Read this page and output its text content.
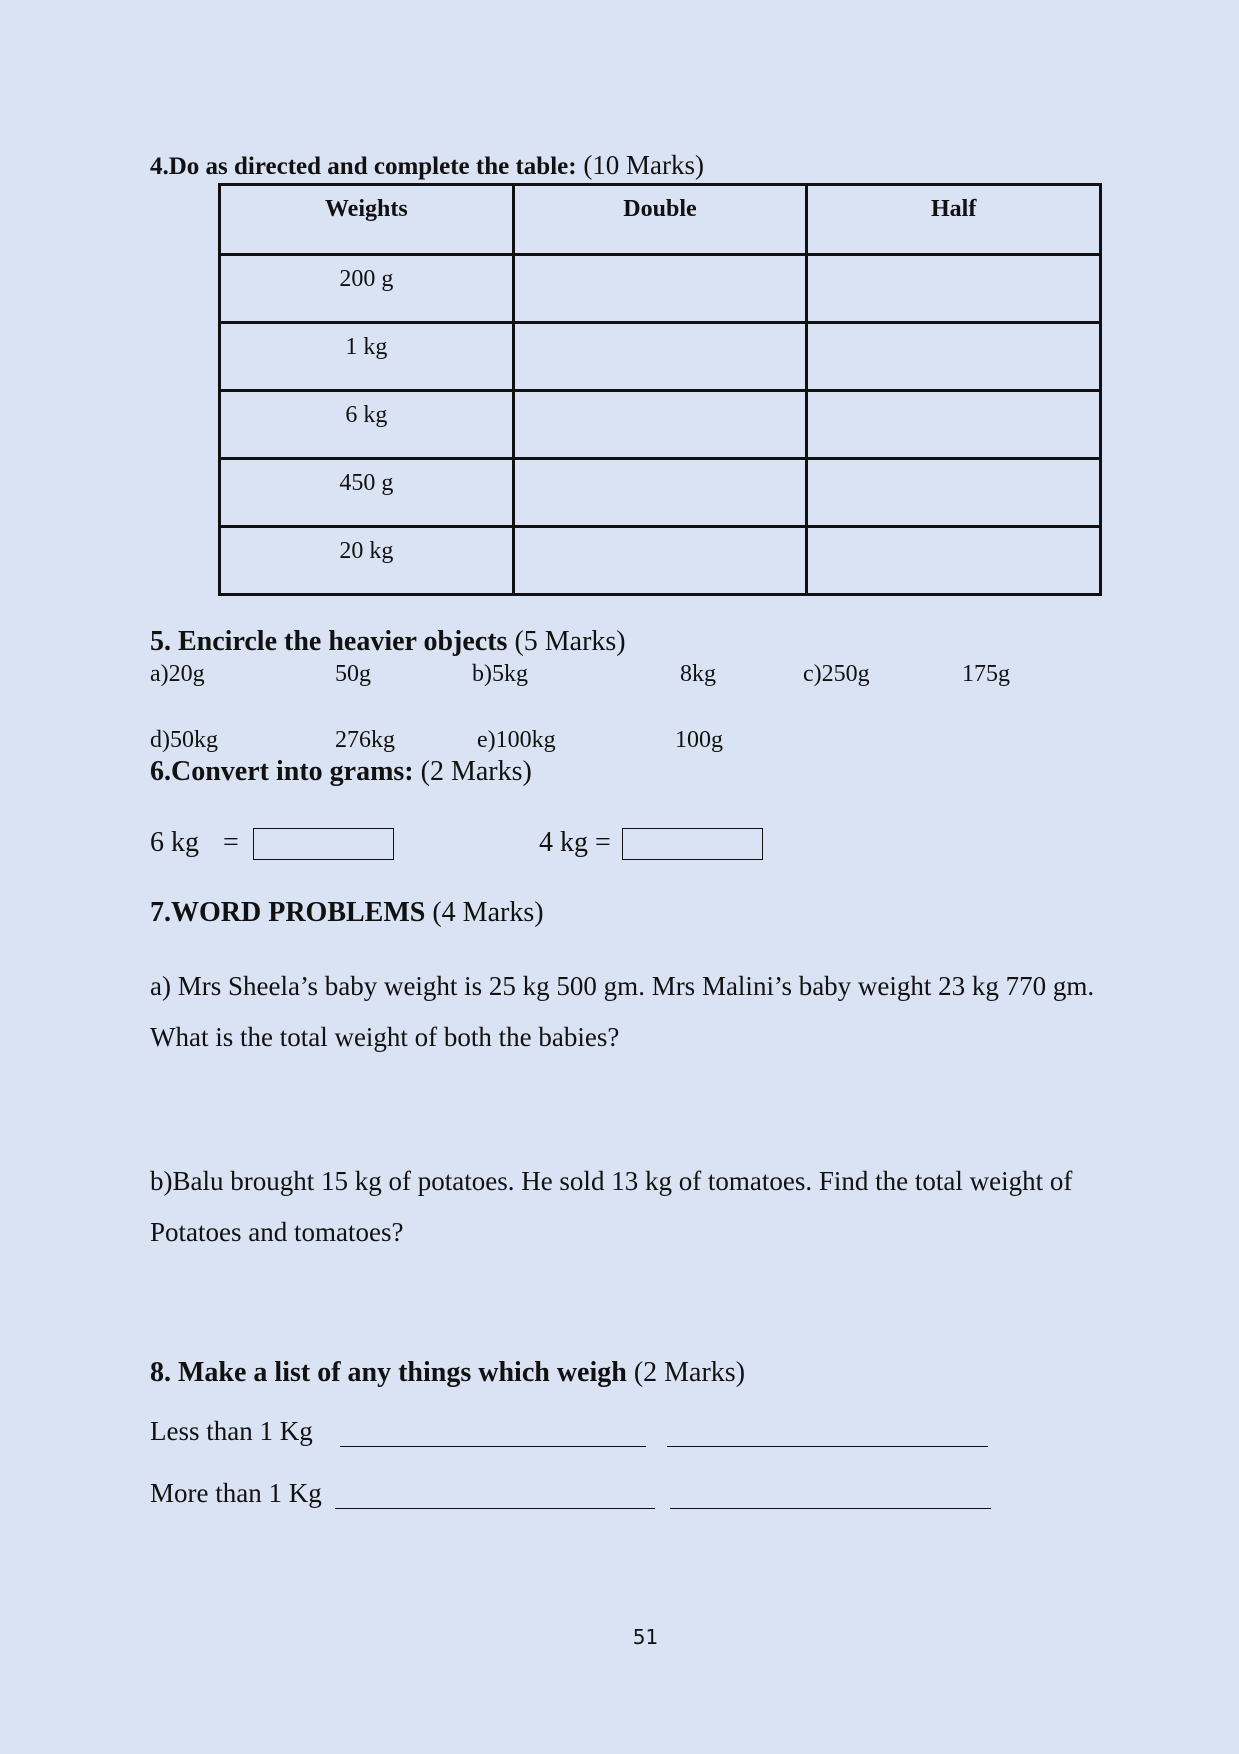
4.Do as directed and complete the table: (10 Marks)
Weights	Double	Half
200 g		
1 kg		
6 kg		
450 g		
20 kg		
5. Encircle the heavier objects (5 Marks)
a)20g	50g	b)5kg	8kg	c)250g	175g
d)50kg	276kg	e)100kg	100g
6.Convert into grams: (2 Marks)
6 kg =	4 kg =
7.WORD PROBLEMS (4 Marks)
a) Mrs Sheela’s baby weight is 25 kg 500 gm. Mrs Malini’s baby weight 23 kg 770 gm. What is the total weight of both the babies?
b)Balu brought 15 kg of potatoes. He sold 13 kg of tomatoes. Find the total weight of Potatoes and tomatoes?
8. Make a list of any things which weigh (2 Marks)
Less than 1 Kg
More than 1 Kg
51
